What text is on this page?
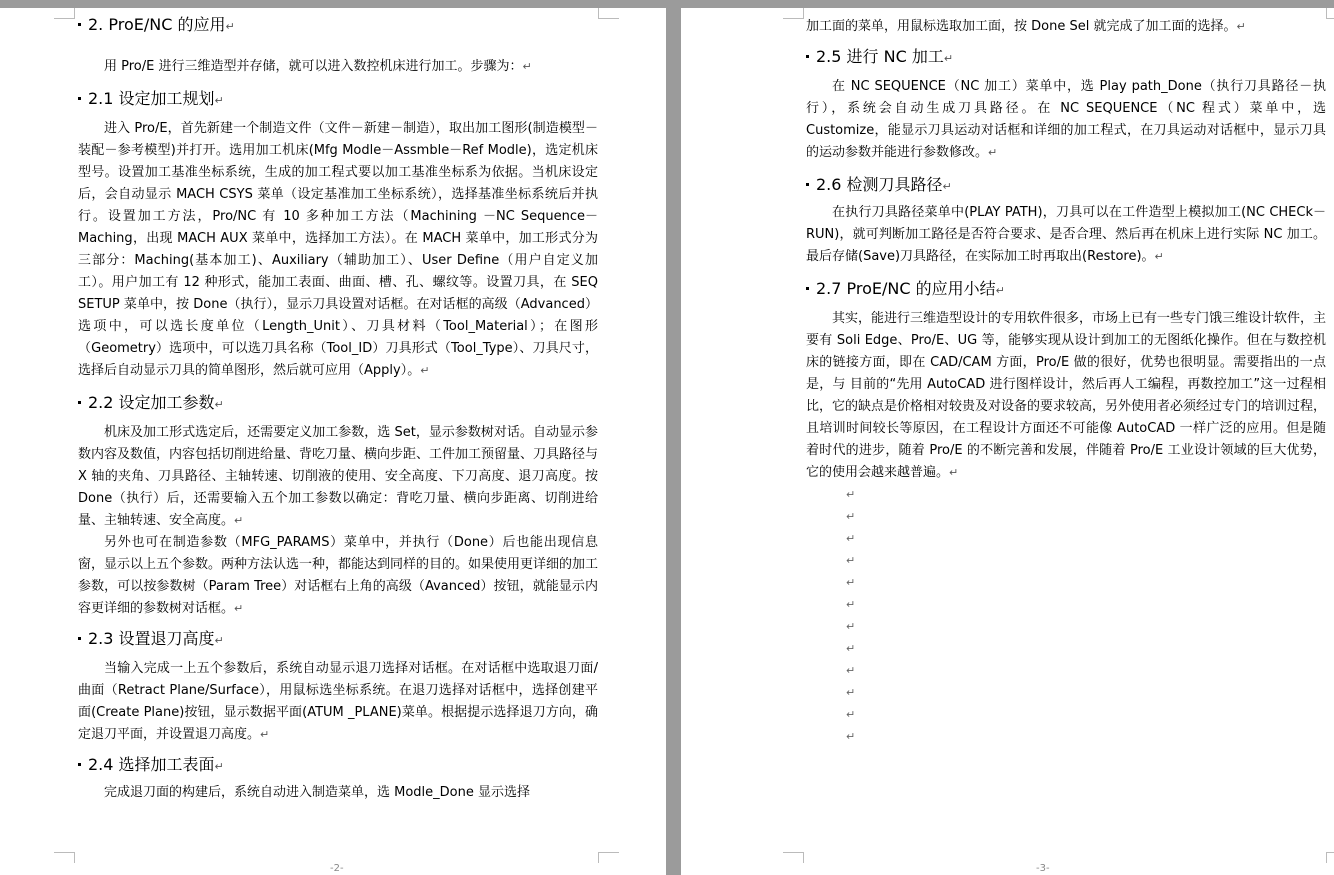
2. ProE/NC 的应用↵

用 Pro/E 进行三维造型并存储，就可以进入数控机床进行加工。步骤为：↵

2.1 设定加工规划↵

进入 Pro/E，首先新建一个制造文件（文件－新建－制造），取出加工图形(制造模型－装配－参考模型)并打开。选用加工机床(Mfg Modle－Assmble－Ref Modle)，选定机床型号。设置加工基准坐标系统，生成的加工程式要以加工基准坐标系为依据。当机床设定后，会自动显示 MACH CSYS 菜单（设定基准加工坐标系统），选择基准坐标系统后并执行。设置加工方法，Pro/NC 有 10 多种加工方法（Machining －NC Sequence－Maching，出现 MACH AUX 菜单中，选择加工方法）。在 MACH 菜单中，加工形式分为三部分：Maching(基本加工)、Auxiliary（辅助加工）、User Define（用户自定义加工）。用户加工有 12 种形式，能加工表面、曲面、槽、孔、螺纹等。设置刀具，在 SEQ SETUP 菜单中，按 Done（执行），显示刀具设置对话框。在对话框的高级（Advanced）选项中，可以选长度单位（Length_Unit）、刀具材料（Tool_Material）；在图形（Geometry）选项中，可以选刀具名称（Tool_ID）刀具形式（Tool_Type）、刀具尺寸，选择后自动显示刀具的简单图形，然后就可应用（Apply）。↵

2.2 设定加工参数↵

机床及加工形式选定后，还需要定义加工参数，选 Set，显示参数树对话。自动显示参数内容及数值，内容包括切削进给量、背吃刀量、横向步距、工件加工预留量、刀具路径与 X 轴的夹角、刀具路径、主轴转速、切削液的使用、安全高度、下刀高度、退刀高度。按 Done（执行）后，还需要输入五个加工参数以确定：背吃刀量、横向步距离、切削进给量、主轴转速、安全高度。↵

另外也可在制造参数（MFG_PARAMS）菜单中，并执行（Done）后也能出现信息窗，显示以上五个参数。两种方法认选一种，都能达到同样的目的。如果使用更详细的加工参数，可以按参数树（Param Tree）对话框右上角的高级（Avanced）按钮，就能显示内容更详细的参数树对话框。↵

2.3 设置退刀高度↵

当输入完成一上五个参数后，系统自动显示退刀选择对话框。在对话框中选取退刀面/曲面（Retract Plane/Surface），用鼠标选坐标系统。在退刀选择对话框中，选择创建平面(Create Plane)按钮，显示数据平面(ATUM _PLANE)菜单。根据提示选择退刀方向，确定退刀平面，并设置退刀高度。↵

2.4 选择加工表面↵

完成退刀面的构建后，系统自动进入制造菜单，选 Modle_Done 显示选择

-2-

加工面的菜单，用鼠标选取加工面，按 Done Sel 就完成了加工面的选择。↵

2.5 进行 NC 加工↵

在 NC SEQUENCE（NC 加工）菜单中，选 Play path_Done（执行刀具路径－执行），系统会自动生成刀具路径。在 NC SEQUENCE（NC 程式）菜单中，选 Customize，能显示刀具运动对话框和详细的加工程式，在刀具运动对话框中，显示刀具的运动参数并能进行参数修改。↵

2.6 检测刀具路径↵

在执行刀具路径菜单中(PLAY PATH)，刀具可以在工件造型上模拟加工(NC CHECk－RUN)，就可判断加工路径是否符合要求、是否合理、然后再在机床上进行实际 NC 加工。最后存储(Save)刀具路径，在实际加工时再取出(Restore)。↵

2.7 ProE/NC 的应用小结↵

其实，能进行三维造型设计的专用软件很多，市场上已有一些专门饿三维设计软件，主要有 Soli Edge、Pro/E、UG 等，能够实现从设计到加工的无图纸化操作。但在与数控机床的链接方面，即在 CAD/CAM 方面，Pro/E 做的很好，优势也很明显。需要指出的一点是，与 目前的“先用 AutoCAD 进行图样设计，然后再人工编程，再数控加工”这一过程相比，它的缺点是价格相对较贵及对设备的要求较高，另外使用者必须经过专门的培训过程，且培训时间较长等原因，在工程设计方面还不可能像 AutoCAD 一样广泛的应用。但是随着时代的进步，随着 Pro/E 的不断完善和发展，伴随着 Pro/E 工业设计领域的巨大优势，它的使用会越来越普遍。↵

↵
↵
↵
↵
↵
↵
↵
↵
↵
↵
↵
↵
-3-
